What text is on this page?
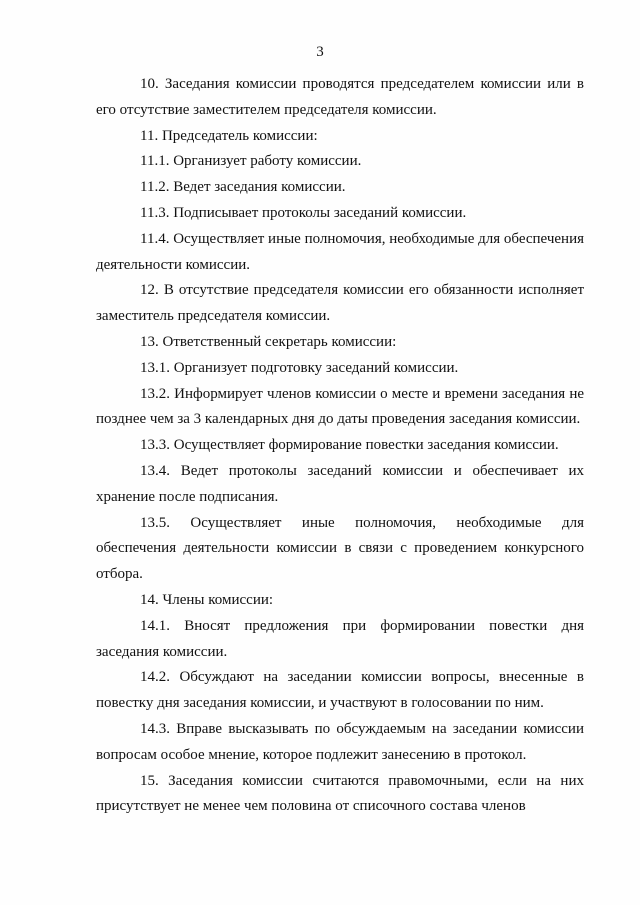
3

10. Заседания комиссии проводятся председателем комиссии или в его отсутствие заместителем председателя комиссии.

11. Председатель комиссии:

11.1. Организует работу комиссии.

11.2. Ведет заседания комиссии.

11.3. Подписывает протоколы заседаний комиссии.

11.4. Осуществляет иные полномочия, необходимые для обеспечения деятельности комиссии.

12. В отсутствие председателя комиссии его обязанности исполняет заместитель председателя комиссии.

13. Ответственный секретарь комиссии:

13.1. Организует подготовку заседаний комиссии.

13.2. Информирует членов комиссии о месте и времени заседания не позднее чем за 3 календарных дня до даты проведения заседания комиссии.

13.3. Осуществляет формирование повестки заседания комиссии.

13.4. Ведет протоколы заседаний комиссии и обеспечивает их хранение после подписания.

13.5. Осуществляет иные полномочия, необходимые для обеспечения деятельности комиссии в связи с проведением конкурсного отбора.

14. Члены комиссии:

14.1. Вносят предложения при формировании повестки дня заседания комиссии.

14.2. Обсуждают на заседании комиссии вопросы, внесенные в повестку дня заседания комиссии, и участвуют в голосовании по ним.

14.3. Вправе высказывать по обсуждаемым на заседании комиссии вопросам особое мнение, которое подлежит занесению в протокол.

15. Заседания комиссии считаются правомочными, если на них присутствует не менее чем половина от списочного состава членов
